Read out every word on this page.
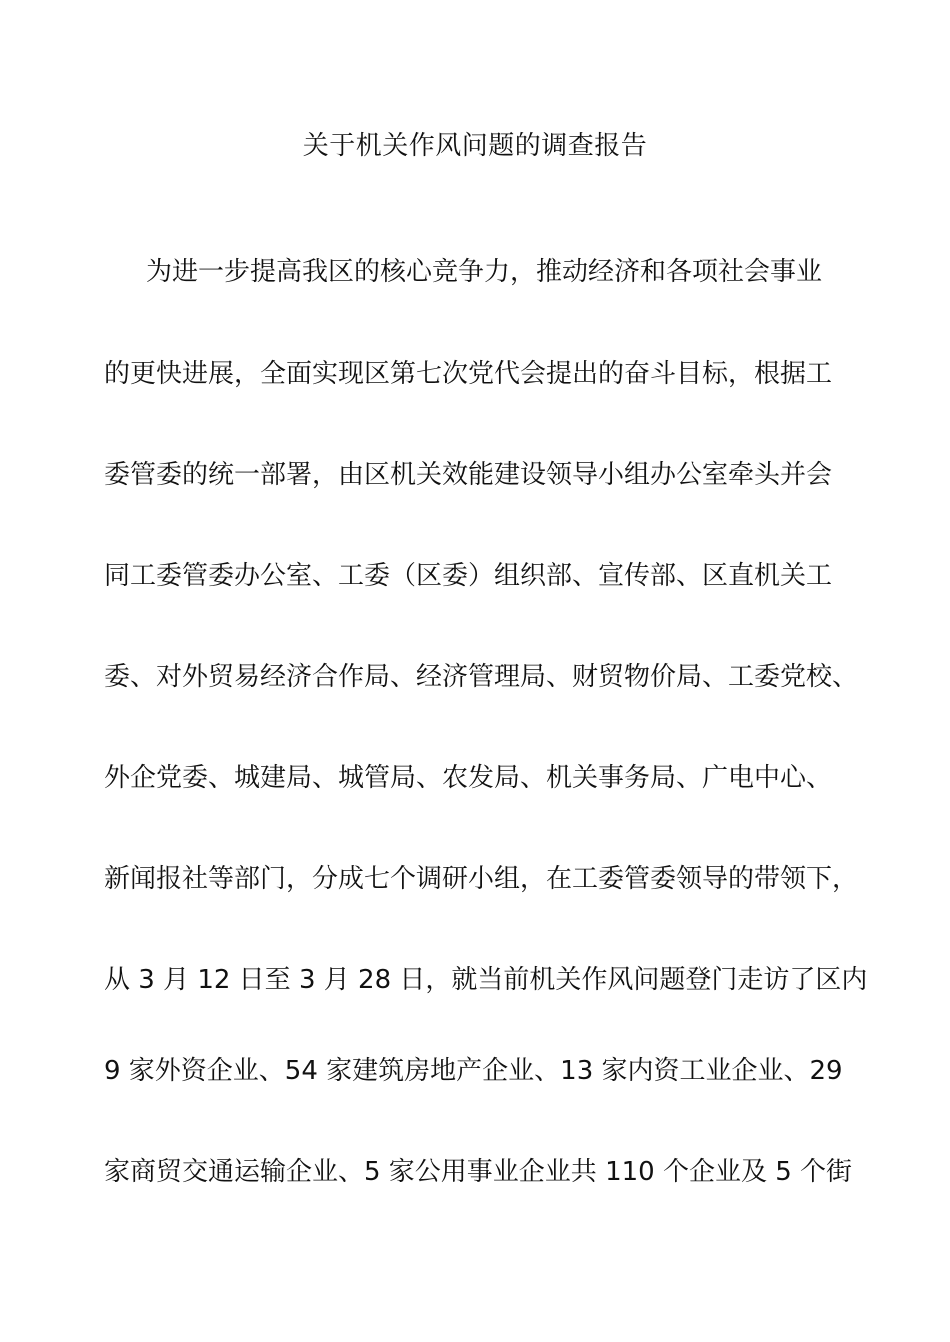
关于机关作风问题的调查报告
为进一步提高我区的核心竞争力，推动经济和各项社会事业
的更快进展，全面实现区第七次党代会提出的奋斗目标，根据工
委管委的统一部署，由区机关效能建设领导小组办公室牵头并会
同工委管委办公室、工委（区委）组织部、宣传部、区直机关工
委、对外贸易经济合作局、经济管理局、财贸物价局、工委党校、
外企党委、城建局、城管局、农发局、机关事务局、广电中心、
新闻报社等部门，分成七个调研小组，在工委管委领导的带领下，
从 3 月 12 日至 3 月 28 日，就当前机关作风问题登门走访了区内
9 家外资企业、54 家建筑房地产企业、13 家内资工业企业、29
家商贸交通运输企业、5 家公用事业企业共 110 个企业及 5 个街
